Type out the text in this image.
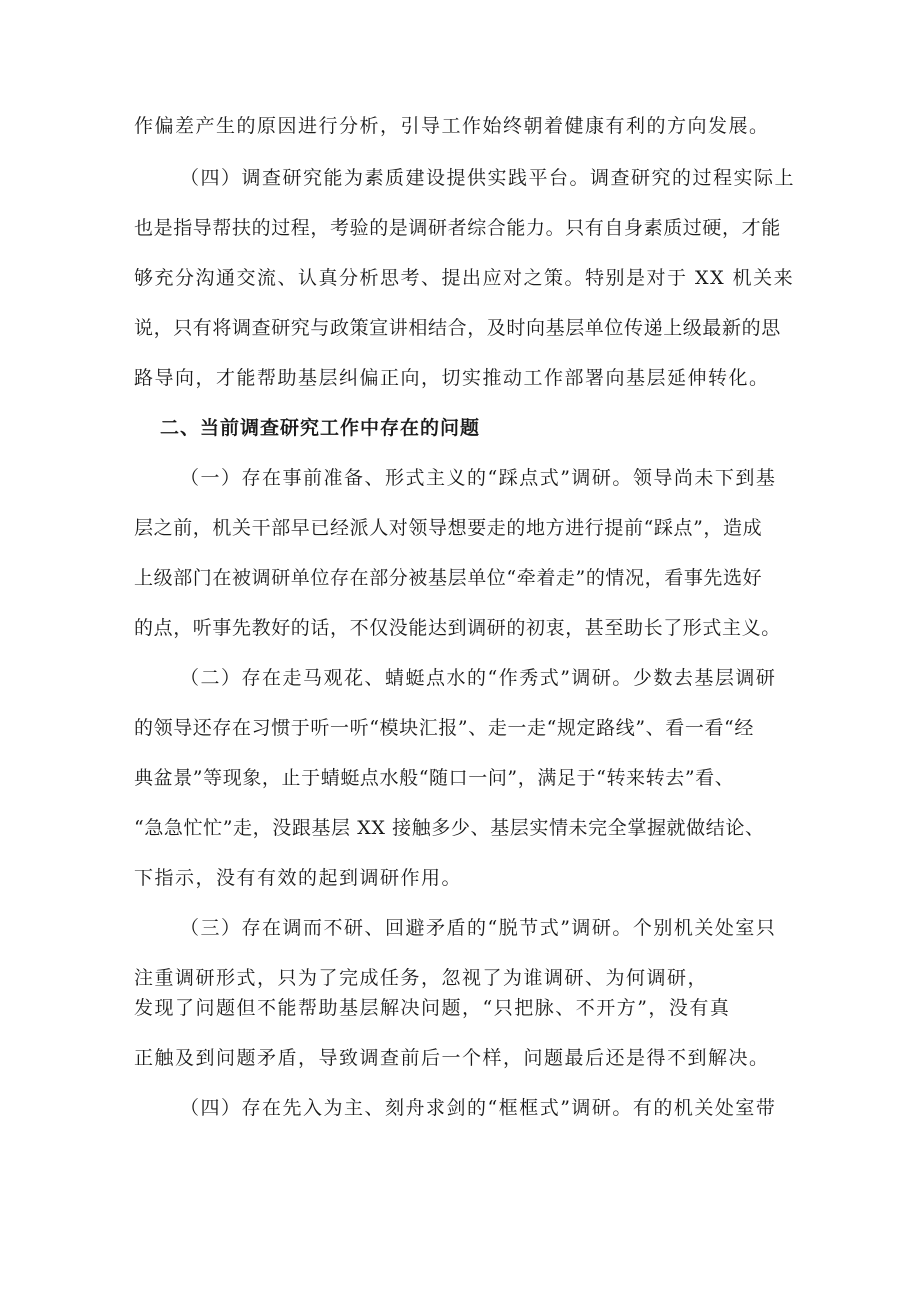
作偏差产生的原因进行分析，引导工作始终朝着健康有利的方向发展。
（四）调查研究能为素质建设提供实践平台。调查研究的过程实际上
也是指导帮扶的过程，考验的是调研者综合能力。只有自身素质过硬，才能
够充分沟通交流、认真分析思考、提出应对之策。特别是对于 XX 机关来
说，只有将调查研究与政策宣讲相结合，及时向基层单位传递上级最新的思
路导向，才能帮助基层纠偏正向，切实推动工作部署向基层延伸转化。
二、当前调查研究工作中存在的问题
（一）存在事前准备、形式主义的“踩点式”调研。领导尚未下到基
层之前，机关干部早已经派人对领导想要走的地方进行提前“踩点”，造成
上级部门在被调研单位存在部分被基层单位“牵着走”的情况，看事先选好
的点，听事先教好的话，不仅没能达到调研的初衷，甚至助长了形式主义。
（二）存在走马观花、蜻蜓点水的“作秀式”调研。少数去基层调研
的领导还存在习惯于听一听“模块汇报”、走一走“规定路线”、看一看“经
典盆景”等现象，止于蜻蜓点水般“随口一问”，满足于“转来转去”看、
“急急忙忙”走，没跟基层 XX 接触多少、基层实情未完全掌握就做结论、
下指示，没有有效的起到调研作用。
（三）存在调而不研、回避矛盾的“脱节式”调研。个别机关处室只
注重调研形式，只为了完成任务，忽视了为谁调研、为何调研，
发现了问题但不能帮助基层解决问题，“只把脉、不开方”，没有真
正触及到问题矛盾，导致调查前后一个样，问题最后还是得不到解决。
（四）存在先入为主、刻舟求剑的“框框式”调研。有的机关处室带
